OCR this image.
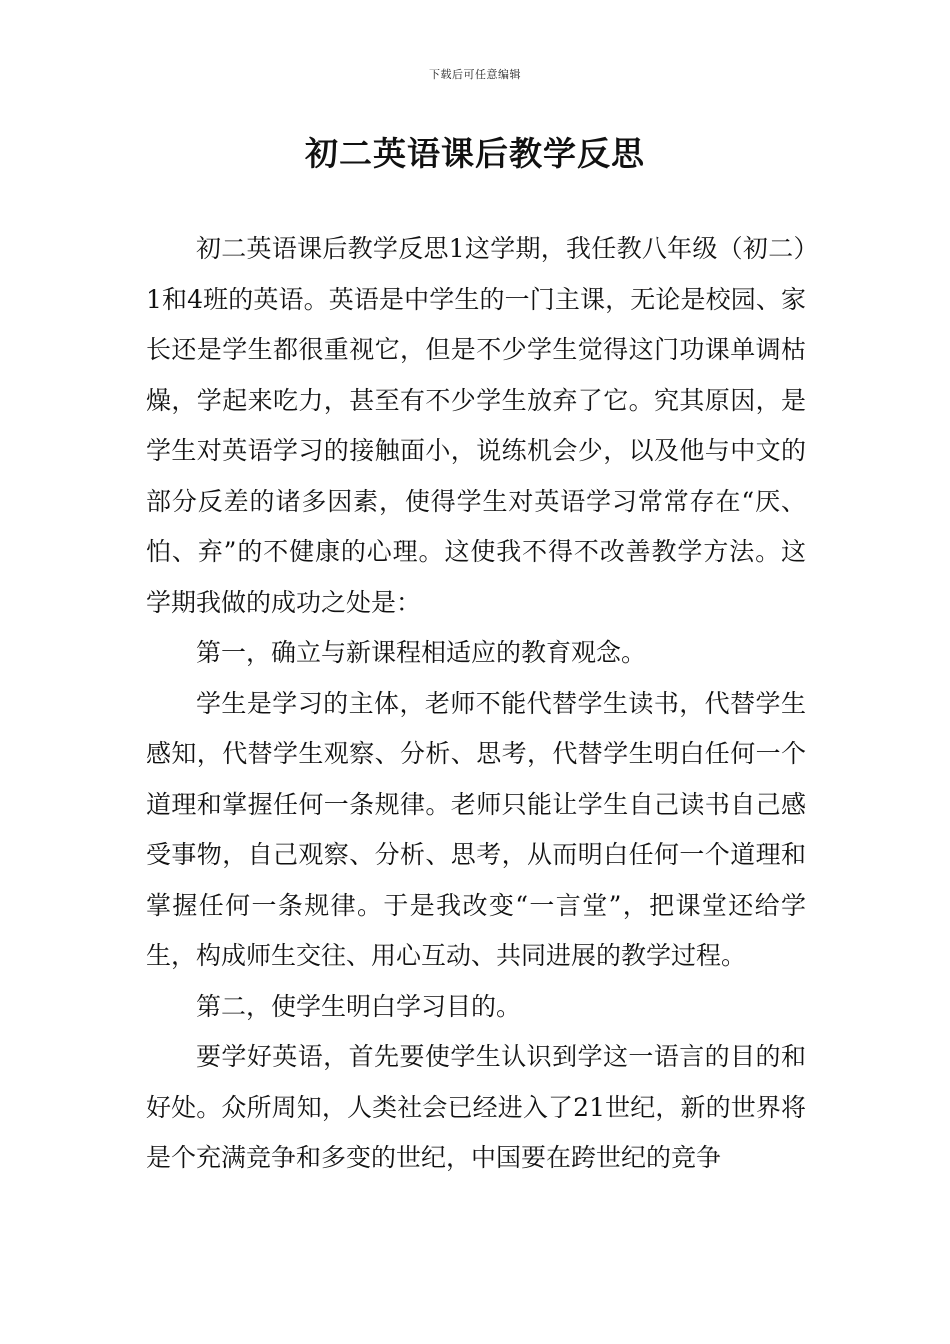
下载后可任意编辑
初二英语课后教学反思

初二英语课后教学反思1这学期，我任教八年级（初二）1和4班的英语。英语是中学生的一门主课，无论是校园、家长还是学生都很重视它，但是不少学生觉得这门功课单调枯燥，学起来吃力，甚至有不少学生放弃了它。究其原因，是学生对英语学习的接触面小，说练机会少，以及他与中文的部分反差的诸多因素，使得学生对英语学习常常存在“厌、怕、弃”的不健康的心理。这使我不得不改善教学方法。这学期我做的成功之处是：

第一，确立与新课程相适应的教育观念。

学生是学习的主体，老师不能代替学生读书，代替学生感知，代替学生观察、分析、思考，代替学生明白任何一个道理和掌握任何一条规律。老师只能让学生自己读书自己感受事物，自己观察、分析、思考，从而明白任何一个道理和掌握任何一条规律。于是我改变“一言堂”，把课堂还给学生，构成师生交往、用心互动、共同进展的教学过程。

第二，使学生明白学习目的。

要学好英语，首先要使学生认识到学这一语言的目的和好处。众所周知，人类社会已经进入了21世纪，新的世界将是个充满竞争和多变的世纪，中国要在跨世纪的竞争
